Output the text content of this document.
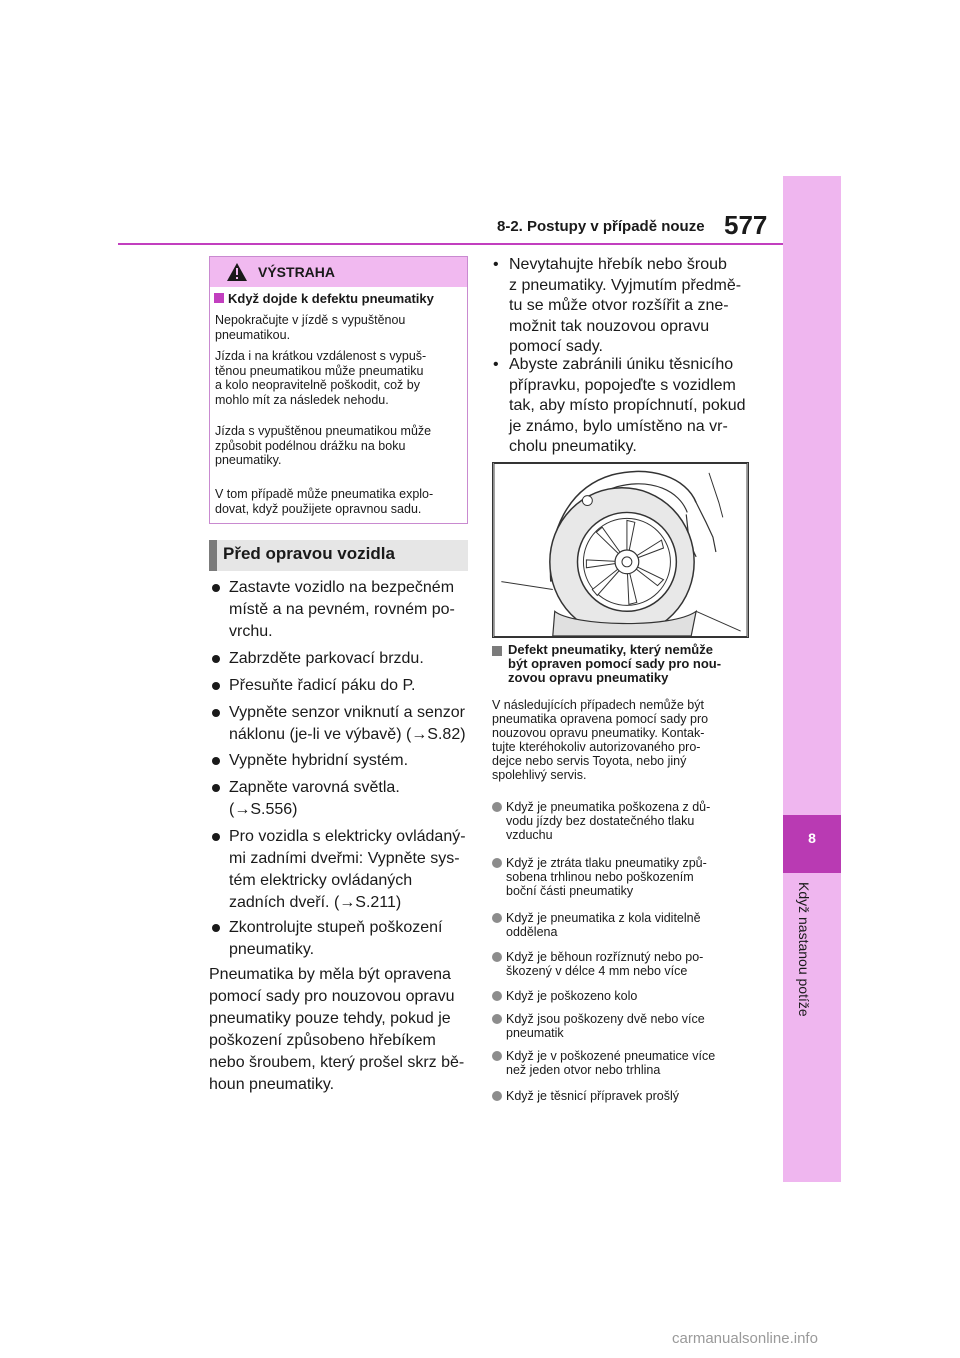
8-2. Postupy v případě nouze 577
8
Když nastanou potíže
VÝSTRAHA
Když dojde k defektu pneumatiky
Nepokračujte v jízdě s vypuštěnou
pneumatikou.
Jízda i na krátkou vzdálenost s vypuš-
těnou pneumatikou může pneumatiku
a kolo neopravitelně poškodit, což by
mohlo mít za následek nehodu.
Jízda s vypuštěnou pneumatikou může
způsobit podélnou drážku na boku
pneumatiky.
V tom případě může pneumatika explo-
dovat, když použijete opravnou sadu.
Před opravou vozidla
Zastavte vozidlo na bezpečném
místě a na pevném, rovném po-
vrchu.
Zabrzděte parkovací brzdu.
Přesuňte řadicí páku do P.
Vypněte senzor vniknutí a senzor
náklonu (je-li ve výbavě) (→S.82)
Vypněte hybridní systém.
Zapněte varovná světla.
(→S.556)
Pro vozidla s elektricky ovládaný-
mi zadními dveřmi: Vypněte sys-
tém elektricky ovládaných
zadních dveří. (→S.211)
Zkontrolujte stupeň poškození
pneumatiky.
Pneumatika by měla být opravena
pomocí sady pro nouzovou opravu
pneumatiky pouze tehdy, pokud je
poškození způsobeno hřebíkem
nebo šroubem, který prošel skrz bě-
houn pneumatiky.
• Nevytahujte hřebík nebo šroub
z pneumatiky. Vyjmutím předmě-
tu se může otvor rozšířit a zne-
možnit tak nouzovou opravu
pomocí sady.
• Abyste zabránili úniku těsnicího
přípravku, popojeďte s vozidlem
tak, aby místo propíchnutí, pokud
je známo, bylo umístěno na vr-
cholu pneumatiky.
Defekt pneumatiky, který nemůže
být opraven pomocí sady pro nou-
zovou opravu pneumatiky
V následujících případech nemůže být
pneumatika opravena pomocí sady pro
nouzovou opravu pneumatiky. Kontak-
tujte kteréhokoliv autorizovaného pro-
dejce nebo servis Toyota, nebo jiný
spolehlivý servis.
Když je pneumatika poškozena z dů-
vodu jízdy bez dostatečného tlaku
vzduchu
Když je ztráta tlaku pneumatiky způ-
sobena trhlinou nebo poškozením
boční části pneumatiky
Když je pneumatika z kola viditelně
oddělena
Když je běhoun rozříznutý nebo po-
škozený v délce 4 mm nebo více
Když je poškozeno kolo
Když jsou poškozeny dvě nebo více
pneumatik
Když je v poškozené pneumatice více
než jeden otvor nebo trhlina
Když je těsnicí přípravek prošlý
carmanualsonline.info
